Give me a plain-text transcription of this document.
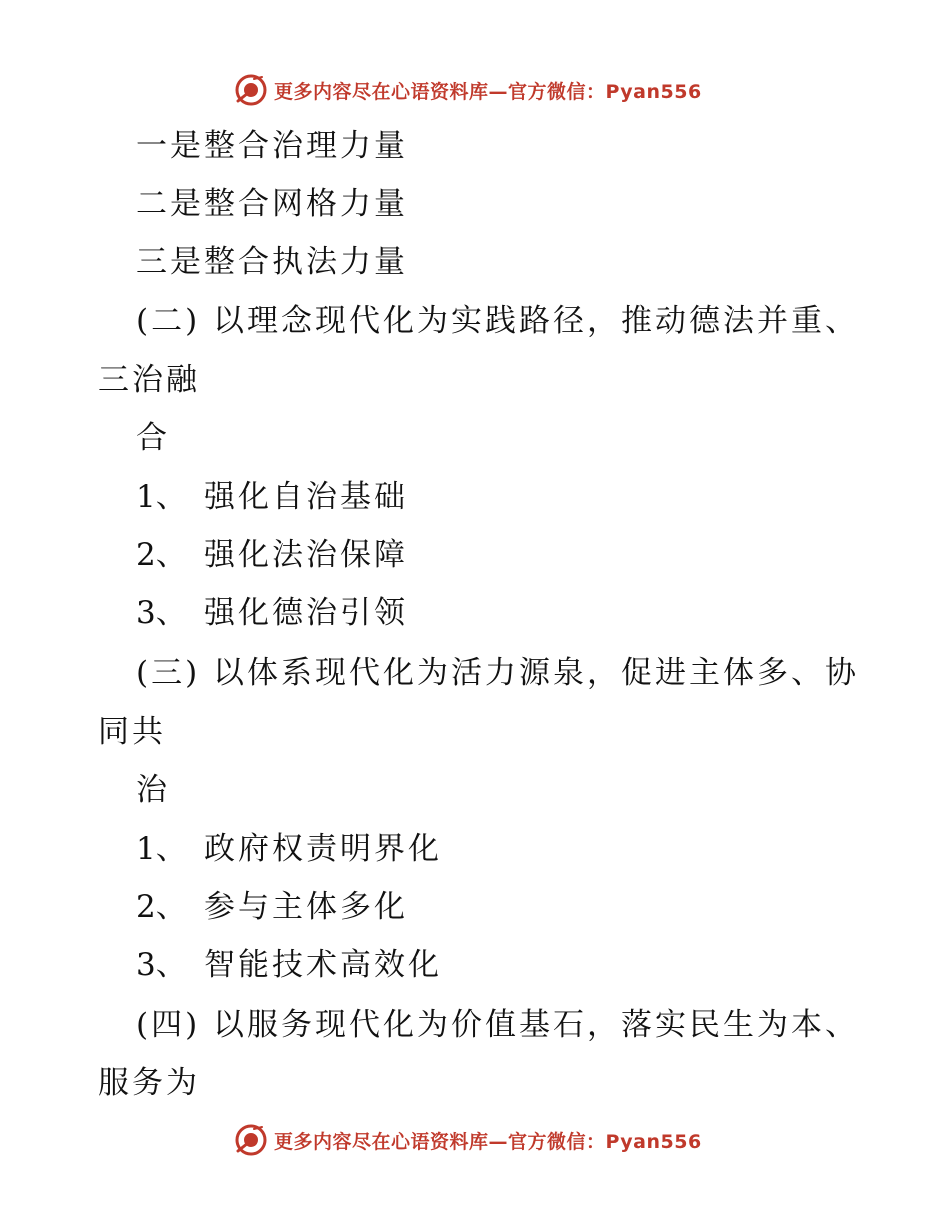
更多内容尽在心语资料库—官方微信：Pyan556
一是整合治理力量
二是整合网格力量
三是整合执法力量
(二) 以理念现代化为实践路径，推动德法并重、
三治融
合
1、 强化自治基础
2、 强化法治保障
3、 强化德治引领
(三) 以体系现代化为活力源泉，促进主体多、协
同共
治
1、 政府权责明界化
2、 参与主体多化
3、 智能技术高效化
(四) 以服务现代化为价值基石，落实民生为本、
服务为
更多内容尽在心语资料库—官方微信：Pyan556
